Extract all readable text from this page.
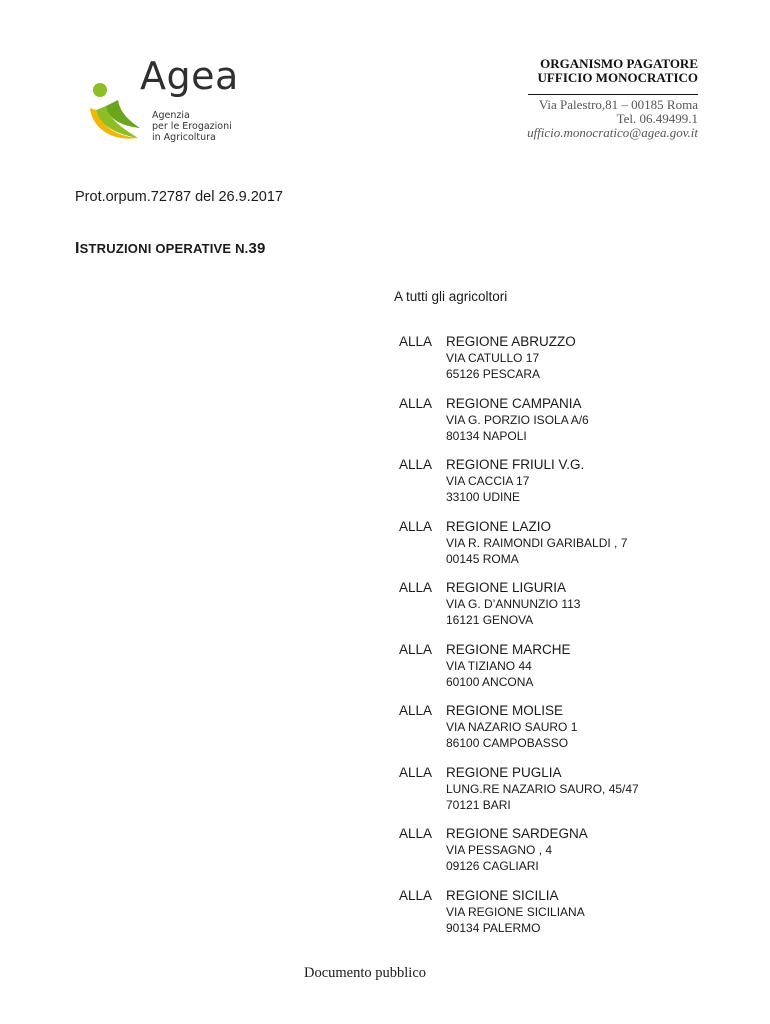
Agea
Agenzia
per le Erogazioni
in Agricoltura
ORGANISMO PAGATORE
UFFICIO MONOCRATICO
Via Palestro,81 – 00185 Roma
Tel. 06.49499.1
ufficio.monocratico@agea.gov.it
Prot.orpum.72787 del 26.9.2017
ISTRUZIONI OPERATIVE N.39
A tutti gli agricoltori
ALLA REGIONE ABRUZZO
VIA CATULLO 17
65126 PESCARA
ALLA REGIONE CAMPANIA
VIA G. PORZIO ISOLA A/6
80134 NAPOLI
ALLA REGIONE FRIULI V.G.
VIA CACCIA 17
33100 UDINE
ALLA REGIONE LAZIO
VIA R. RAIMONDI GARIBALDI , 7
00145 ROMA
ALLA REGIONE LIGURIA
VIA G. D’ANNUNZIO 113
16121 GENOVA
ALLA REGIONE MARCHE
VIA TIZIANO 44
60100 ANCONA
ALLA REGIONE MOLISE
VIA NAZARIO SAURO 1
86100 CAMPOBASSO
ALLA REGIONE PUGLIA
LUNG.RE NAZARIO SAURO, 45/47
70121 BARI
ALLA REGIONE SARDEGNA
VIA PESSAGNO , 4
09126 CAGLIARI
ALLA REGIONE SICILIA
VIA REGIONE SICILIANA
90134 PALERMO
Documento pubblico
